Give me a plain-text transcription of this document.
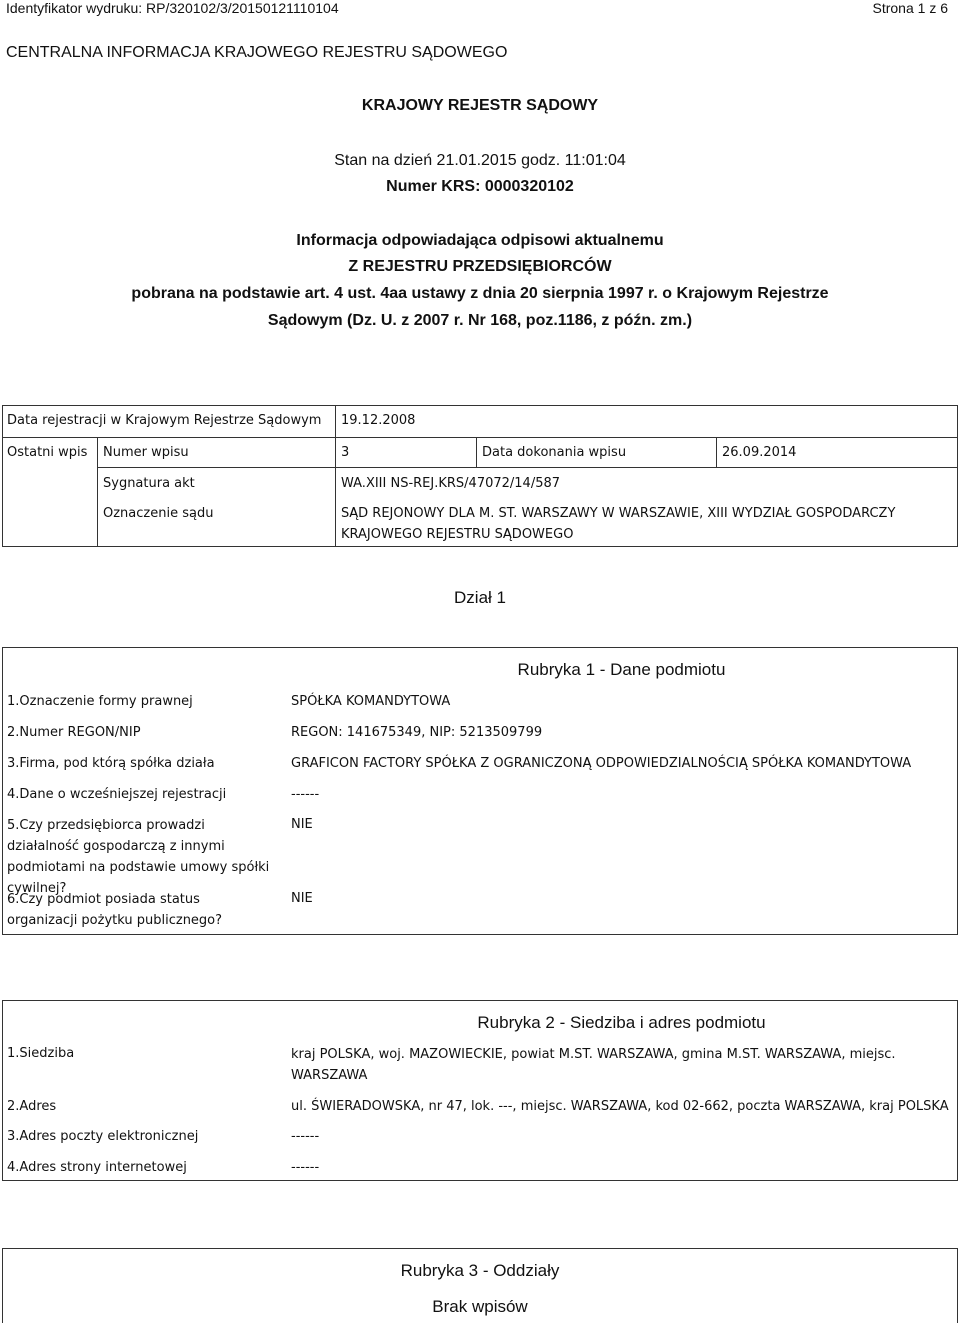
Identyfikator wydruku: RP/320102/3/20150121110104	Strona 1 z 6
CENTRALNA INFORMACJA KRAJOWEGO REJESTRU SĄDOWEGO
KRAJOWY REJESTR SĄDOWY
Stan na dzień 21.01.2015 godz. 11:01:04
Numer KRS: 0000320102
Informacja odpowiadająca odpisowi aktualnemu
Z REJESTRU PRZEDSIĘBIORCÓW
pobrana na podstawie art. 4 ust. 4aa ustawy z dnia 20 sierpnia 1997 r. o Krajowym Rejestrze
Sądowym (Dz. U. z 2007 r. Nr 168, poz.1186, z późn. zm.)
Data rejestracji w Krajowym Rejestrze Sądowym 19.12.2008
Ostatni wpis Numer wpisu	3	Data dokonania wpisu	26.09.2014
Sygnatura akt	WA.XIII NS-REJ.KRS/47072/14/587
Oznaczenie sądu	SĄD REJONOWY DLA M. ST. WARSZAWY W WARSZAWIE, XIII WYDZIAŁ GOSPODARCZY
KRAJOWEGO REJESTRU SĄDOWEGO
Dział 1
Rubryka 1 - Dane podmiotu
1.Oznaczenie formy prawnej	SPÓŁKA KOMANDYTOWA
2.Numer REGON/NIP	REGON: 141675349, NIP: 5213509799
3.Firma, pod którą spółka działa	GRAFICON FACTORY SPÓŁKA Z OGRANICZONĄ ODPOWIEDZIALNOŚCIĄ SPÓŁKA KOMANDYTOWA
4.Dane o wcześniejszej rejestracji	------
5.Czy przedsiębiorca prowadzi działalność gospodarczą z innymi podmiotami na podstawie umowy spółki cywilnej?
NIE
6.Czy podmiot posiada status organizacji pożytku publicznego?
NIE
Rubryka 2 - Siedziba i adres podmiotu
1.Siedziba	kraj POLSKA, woj. MAZOWIECKIE, powiat M.ST. WARSZAWA, gmina M.ST. WARSZAWA, miejsc. WARSZAWA
2.Adres	ul. ŚWIERADOWSKA, nr 47, lok. ---, miejsc. WARSZAWA, kod 02-662, poczta WARSZAWA, kraj POLSKA
3.Adres poczty elektronicznej	------
4.Adres strony internetowej	------
Rubryka 3 - Oddziały
Brak wpisów
